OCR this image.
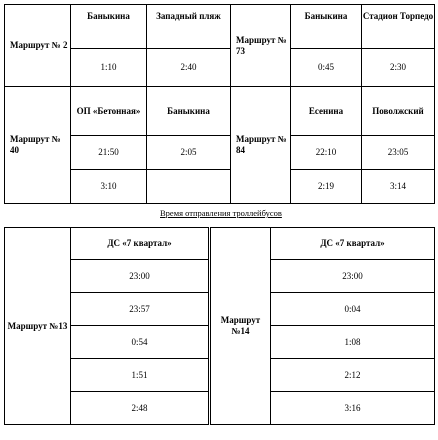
Маршрут № 2	Баныкина	Западный пляж	Маршрут № 73	Баныкина	Стадион Торпедо
	1:10	2:40		0:45	2:30
Маршрут № 40	ОП «Бетонная»	Баныкина	Маршрут № 84	Есенина	Поволжский
	21:50	2:05		22:10	23:05
	3:10			2:19	3:14
Время отправления троллейбусов
Маршрут №13	ДС «7 квартал»		Маршрут №14	ДС «7 квартал»
	23:00			23:00
	23:57			0:04
	0:54			1:08
	1:51			2:12
	2:48			3:16
